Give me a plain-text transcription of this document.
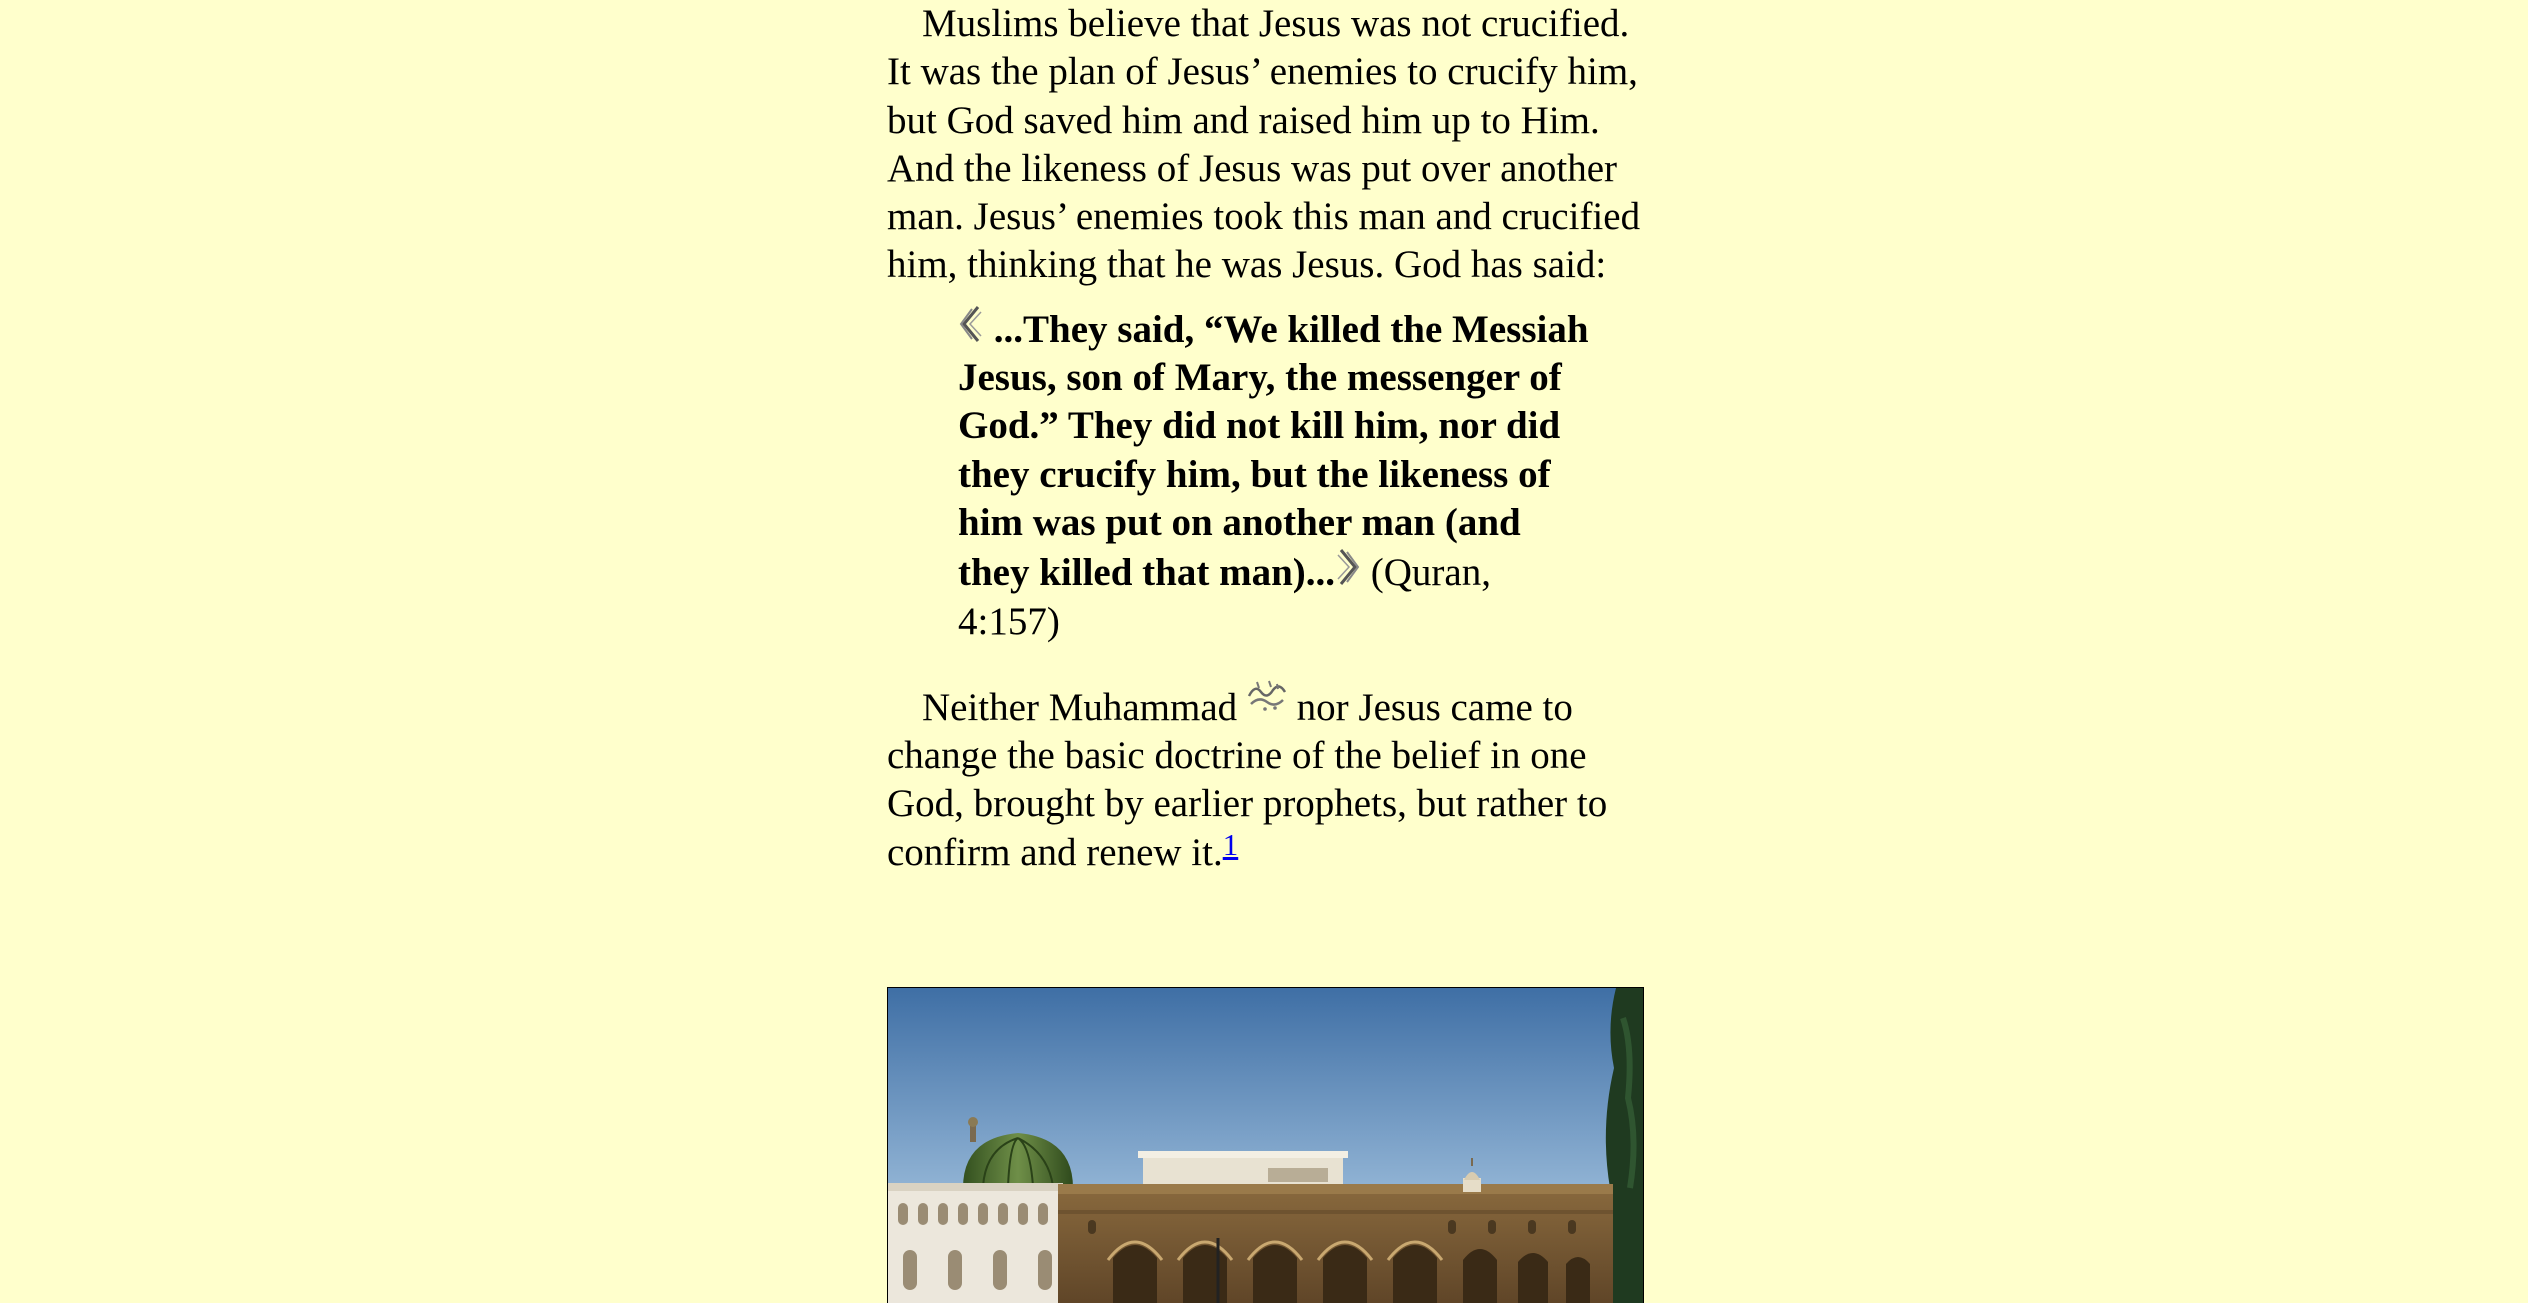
Muslims believe that Jesus was not crucified. It was the plan of Jesus’ enemies to crucify him, but God saved him and raised him up to Him. And the likeness of Jesus was put over another man. Jesus’ enemies took this man and crucified him, thinking that he was Jesus. God has said:

...They said, “We killed the Messiah Jesus, son of Mary, the messenger of God.” They did not kill him, nor did they crucify him, but the likeness of him was put on another man (and they killed that man)... (Quran, 4:157)

Neither Muhammad nor Jesus came to change the basic doctrine of the belief in one God, brought by earlier prophets, but rather to confirm and renew it.$^1$
